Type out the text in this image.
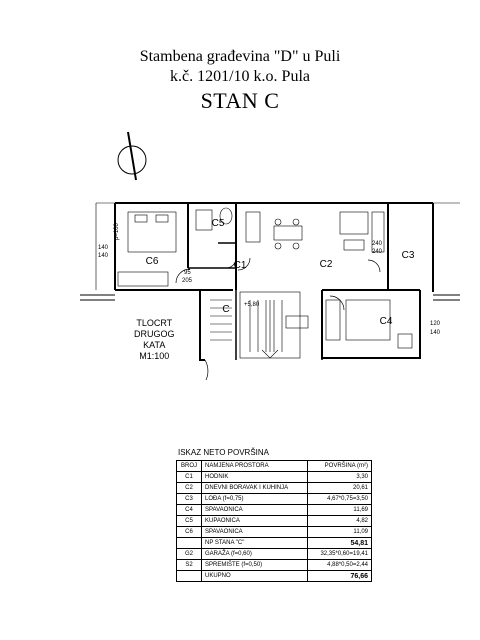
Stambena građevina "D" u Puli
k.č. 1201/10 k.o. Pula
STAN C
C6
C5
C1	C2
C3
C4
C +5,80
140
140
p=100
95
205
240
240
120
140
TLOCRT
DRUGOG
KATA
M1:100
ISKAZ NETO POVRŠINA
BROJ	NAMJENA PROSTORA	POVRŠINA (m²)
C1	HODNIK	3,30
C2	DNEVNI BORAVAK I KUHINJA	20,61
C3	LOĐA (f=0,75)	4,67*0,75=3,50
C4	SPAVAONICA	11,69
C5	KUPAONICA	4,82
C6	SPAVAONICA	11,09
	NP STANA "C"	54,81
G2	GARAŽA (f=0,60)	32,35*0,60=19,41
S2	SPREMIŠTE (f=0,50)	4,88*0,50=2,44
	UKUPNO	76,66
